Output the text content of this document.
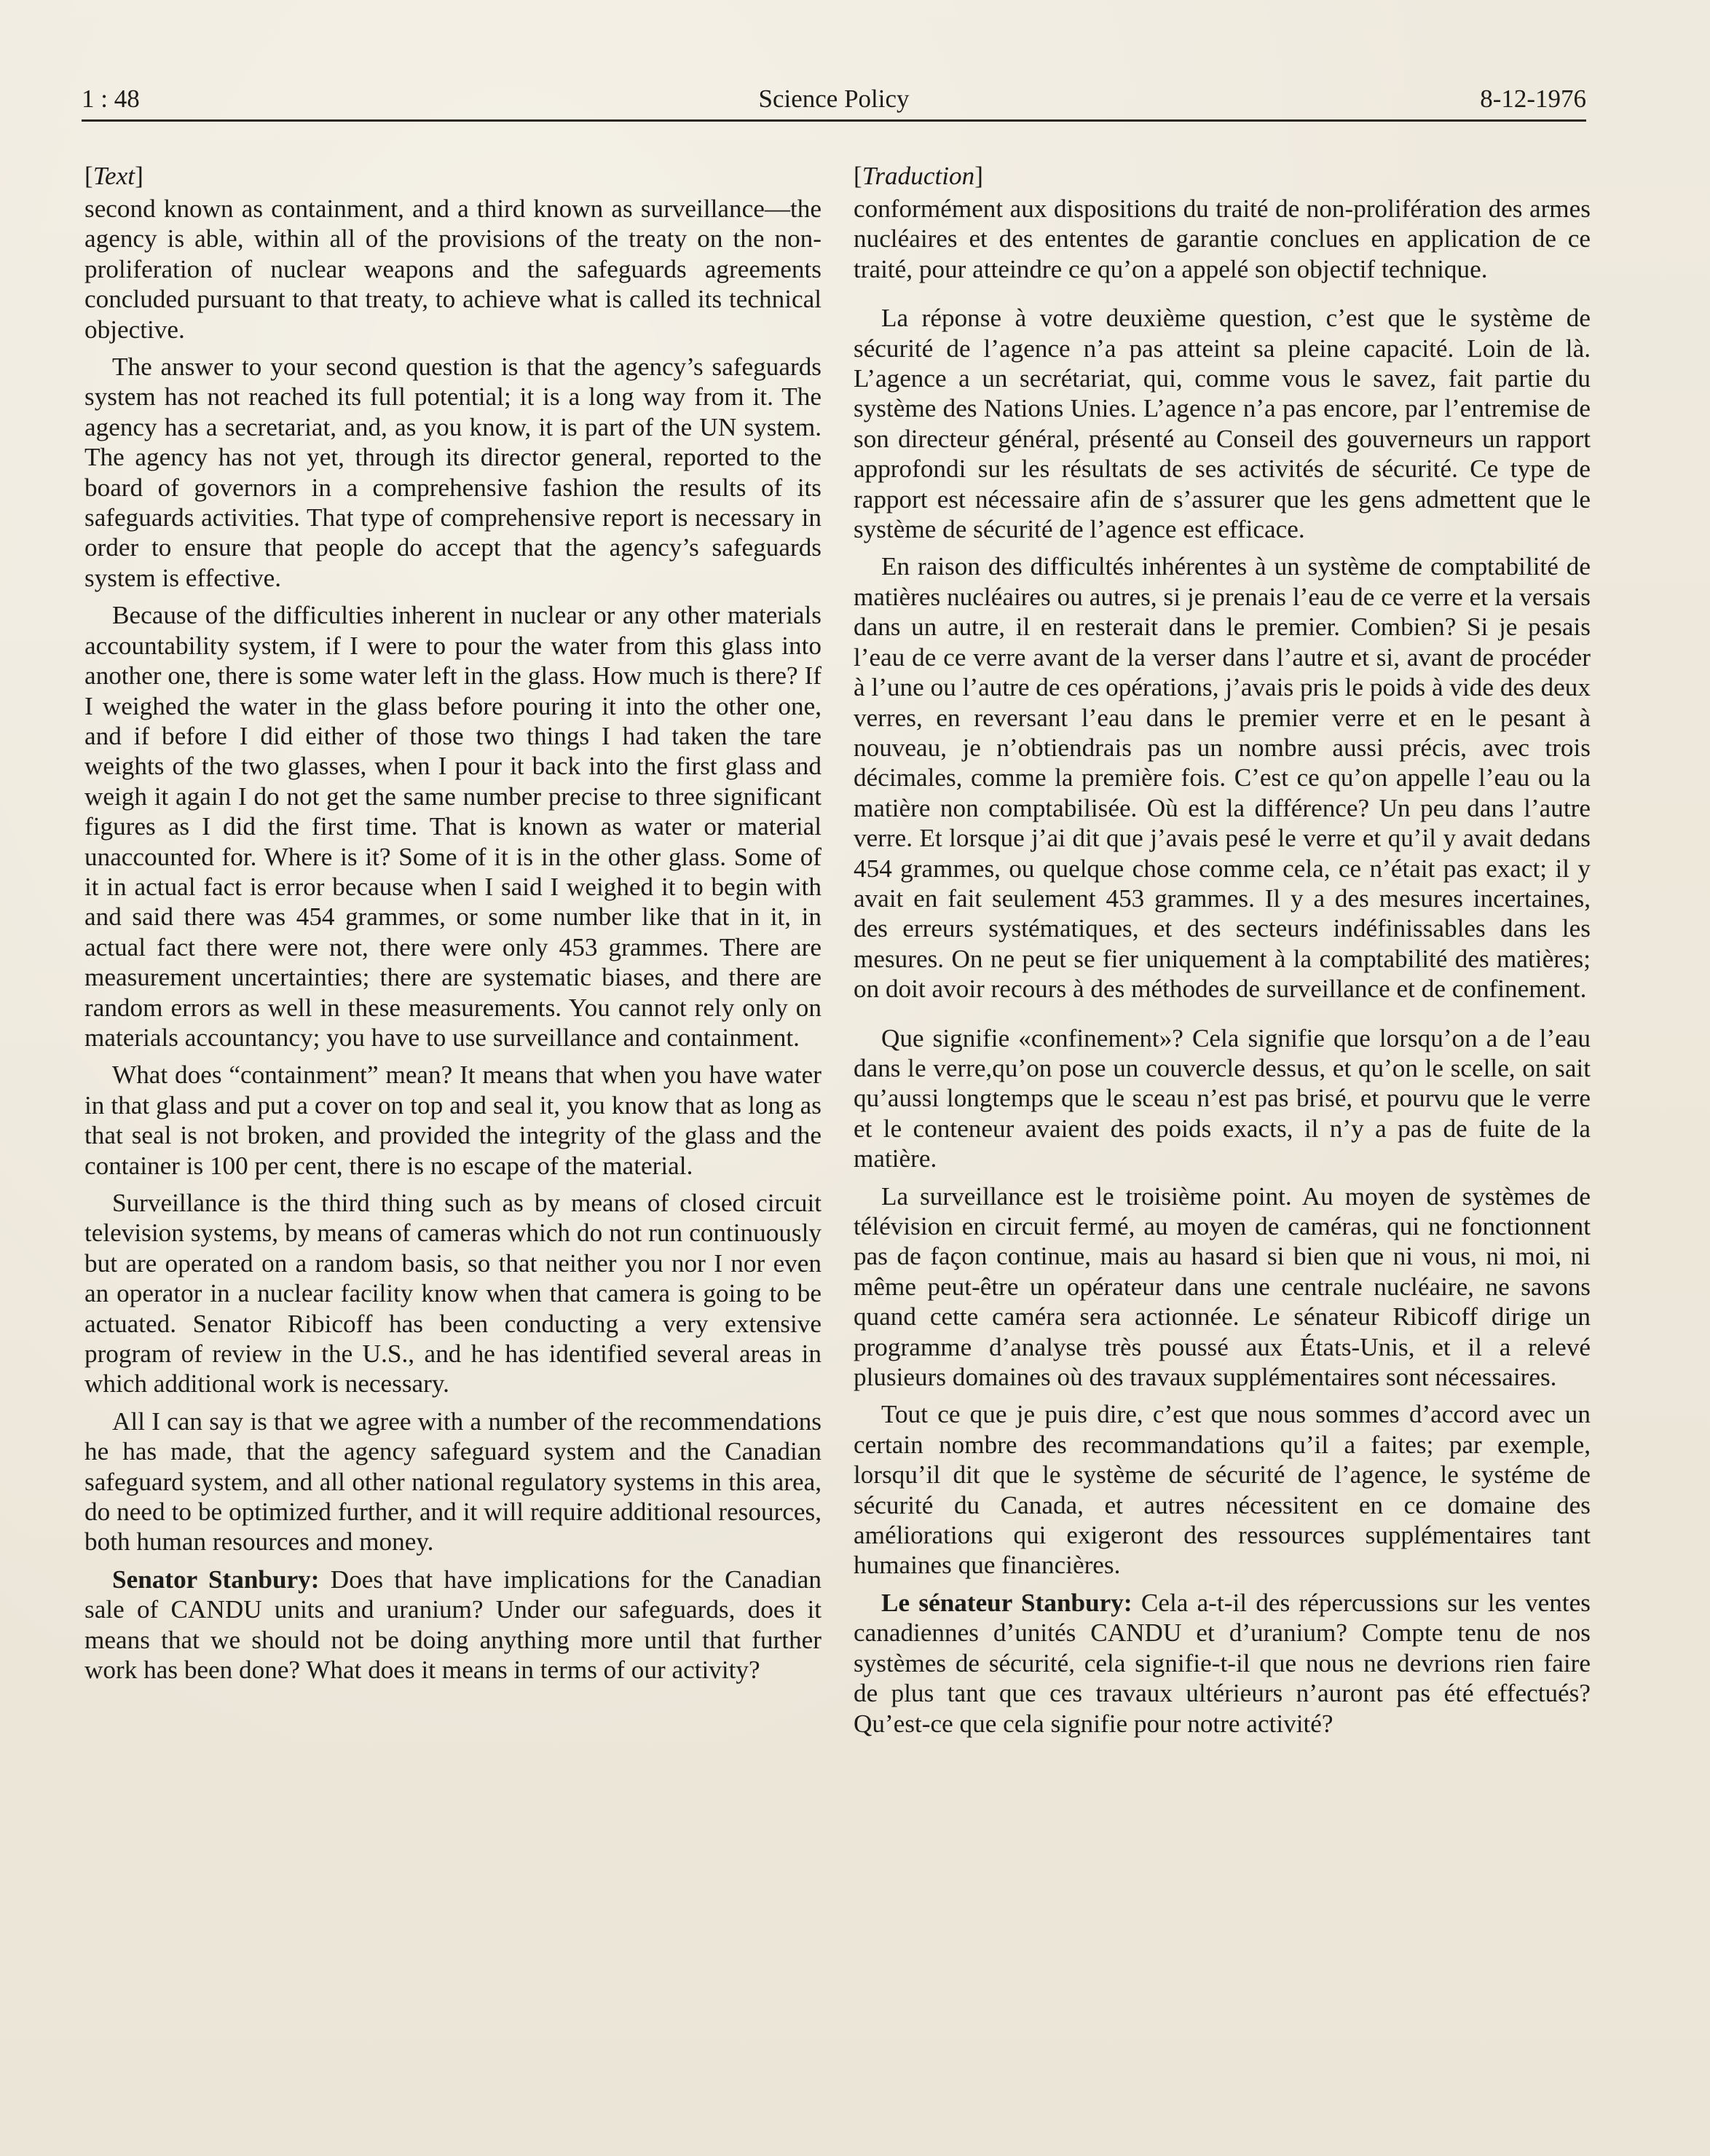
1 : 48	Science Policy	8-12-1976
[Text]

second known as containment, and a third known as surveillance—the agency is able, within all of the provisions of the treaty on the non-proliferation of nuclear weapons and the safeguards agreements concluded pursuant to that treaty, to achieve what is called its technical objective.

The answer to your second question is that the agency’s safeguards system has not reached its full potential; it is a long way from it. The agency has a secretariat, and, as you know, it is part of the UN system. The agency has not yet, through its director general, reported to the board of governors in a comprehensive fashion the results of its safeguards activities. That type of comprehensive report is necessary in order to ensure that people do accept that the agency’s safeguards system is effective.

Because of the difficulties inherent in nuclear or any other materials accountability system, if I were to pour the water from this glass into another one, there is some water left in the glass. How much is there? If I weighed the water in the glass before pouring it into the other one, and if before I did either of those two things I had taken the tare weights of the two glasses, when I pour it back into the first glass and weigh it again I do not get the same number precise to three significant figures as I did the first time. That is known as water or material unaccounted for. Where is it? Some of it is in the other glass. Some of it in actual fact is error because when I said I weighed it to begin with and said there was 454 grammes, or some number like that in it, in actual fact there were not, there were only 453 grammes. There are measurement uncertainties; there are systematic biases, and there are random errors as well in these measurements. You cannot rely only on materials accountancy; you have to use surveillance and containment.

What does “containment” mean? It means that when you have water in that glass and put a cover on top and seal it, you know that as long as that seal is not broken, and provided the integrity of the glass and the container is 100 per cent, there is no escape of the material.

Surveillance is the third thing such as by means of closed circuit television systems, by means of cameras which do not run continuously but are operated on a random basis, so that neither you nor I nor even an operator in a nuclear facility know when that camera is going to be actuated. Senator Ribicoff has been conducting a very extensive program of review in the U.S., and he has identified several areas in which additional work is necessary.

All I can say is that we agree with a number of the recommendations he has made, that the agency safeguard system and the Canadian safeguard system, and all other national regulatory systems in this area, do need to be optimized further, and it will require additional resources, both human resources and money.

Senator Stanbury: Does that have implications for the Canadian sale of CANDU units and uranium? Under our safeguards, does it means that we should not be doing anything more until that further work has been done? What does it means in terms of our activity?

[Traduction]

conformément aux dispositions du traité de non-prolifération des armes nucléaires et des ententes de garantie conclues en application de ce traité, pour atteindre ce qu’on a appelé son objectif technique.

La réponse à votre deuxième question, c’est que le système de sécurité de l’agence n’a pas atteint sa pleine capacité. Loin de là. L’agence a un secrétariat, qui, comme vous le savez, fait partie du système des Nations Unies. L’agence n’a pas encore, par l’entremise de son directeur général, présenté au Conseil des gouverneurs un rapport approfondi sur les résultats de ses activités de sécurité. Ce type de rapport est nécessaire afin de s’assurer que les gens admettent que le système de sécurité de l’agence est efficace.

En raison des difficultés inhérentes à un système de comptabilité de matières nucléaires ou autres, si je prenais l’eau de ce verre et la versais dans un autre, il en resterait dans le premier. Combien? Si je pesais l’eau de ce verre avant de la verser dans l’autre et si, avant de procéder à l’une ou l’autre de ces opérations, j’avais pris le poids à vide des deux verres, en reversant l’eau dans le premier verre et en le pesant à nouveau, je n’obtiendrais pas un nombre aussi précis, avec trois décimales, comme la première fois. C’est ce qu’on appelle l’eau ou la matière non comptabilisée. Où est la différence? Un peu dans l’autre verre. Et lorsque j’ai dit que j’avais pesé le verre et qu’il y avait dedans 454 grammes, ou quelque chose comme cela, ce n’était pas exact; il y avait en fait seulement 453 grammes. Il y a des mesures incertaines, des erreurs systématiques, et des secteurs indéfinissables dans les mesures. On ne peut se fier uniquement à la comptabilité des matières; on doit avoir recours à des méthodes de surveillance et de confinement.

Que signifie «confinement»? Cela signifie que lorsqu’on a de l’eau dans le verre,qu’on pose un couvercle dessus, et qu’on le scelle, on sait qu’aussi longtemps que le sceau n’est pas brisé, et pourvu que le verre et le conteneur avaient des poids exacts, il n’y a pas de fuite de la matière.

La surveillance est le troisième point. Au moyen de systèmes de télévision en circuit fermé, au moyen de caméras, qui ne fonctionnent pas de façon continue, mais au hasard si bien que ni vous, ni moi, ni même peut-être un opérateur dans une centrale nucléaire, ne savons quand cette caméra sera actionnée. Le sénateur Ribicoff dirige un programme d’analyse très poussé aux États-Unis, et il a relevé plusieurs domaines où des travaux supplémentaires sont nécessaires.

Tout ce que je puis dire, c’est que nous sommes d’accord avec un certain nombre des recommandations qu’il a faites; par exemple, lorsqu’il dit que le système de sécurité de l’agence, le systéme de sécurité du Canada, et autres nécessitent en ce domaine des améliorations qui exigeront des ressources supplémentaires tant humaines que financières.

Le sénateur Stanbury: Cela a-t-il des répercussions sur les ventes canadiennes d’unités CANDU et d’uranium? Compte tenu de nos systèmes de sécurité, cela signifie-t-il que nous ne devrions rien faire de plus tant que ces travaux ultérieurs n’auront pas été effectués? Qu’est-ce que cela signifie pour notre activité?
